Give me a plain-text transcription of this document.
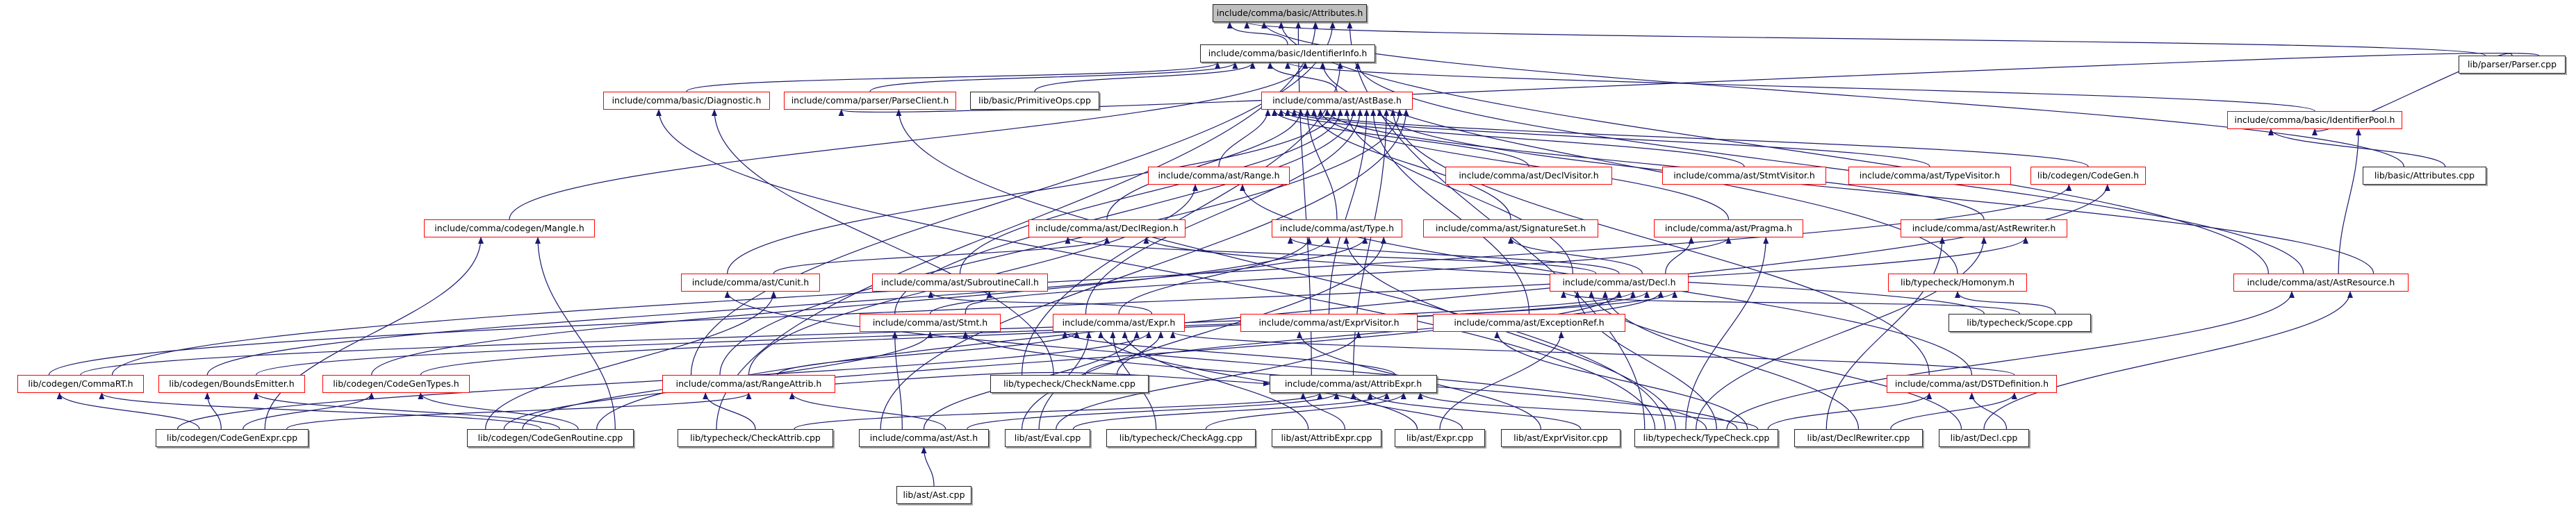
include/comma/basic/Attributes.h
include/comma/basic/IdentifierInfo.h
lib/parser/Parser.cpp
include/comma/basic/Diagnostic.h	include/comma/parser/ParseClient.h	lib/basic/PrimitiveOps.cpp	include/comma/ast/AstBase.h
include/comma/basic/IdentifierPool.h
lib/basic/Attributes.cpp
include/comma/ast/Range.h	include/comma/ast/DeclVisitor.h	include/comma/ast/StmtVisitor.h	include/comma/ast/TypeVisitor.h	lib/codegen/CodeGen.h
include/comma/codegen/Mangle.h	include/comma/ast/DeclRegion.h	include/comma/ast/Type.h	include/comma/ast/SignatureSet.h	include/comma/ast/Pragma.h	include/comma/ast/AstRewriter.h
include/comma/ast/Cunit.h	include/comma/ast/SubroutineCall.h	include/comma/ast/Decl.h	lib/typecheck/Homonym.h	include/comma/ast/AstResource.h
include/comma/ast/Stmt.h	include/comma/ast/Expr.h	include/comma/ast/ExprVisitor.h	include/comma/ast/ExceptionRef.h	lib/typecheck/Scope.cpp
lib/codegen/CommaRT.h	lib/codegen/BoundsEmitter.h	lib/codegen/CodeGenTypes.h	include/comma/ast/RangeAttrib.h	lib/typecheck/CheckName.cpp	include/comma/ast/AttribExpr.h	include/comma/ast/DSTDefinition.h
lib/codegen/CodeGenExpr.cpp	lib/codegen/CodeGenRoutine.cpp	lib/typecheck/CheckAttrib.cpp	include/comma/ast/Ast.h	lib/ast/Eval.cpp	lib/typecheck/CheckAgg.cpp	lib/ast/AttribExpr.cpp	lib/ast/Expr.cpp	lib/ast/ExprVisitor.cpp	lib/typecheck/TypeCheck.cpp	lib/ast/DeclRewriter.cpp	lib/ast/Decl.cpp
lib/ast/Ast.cpp
